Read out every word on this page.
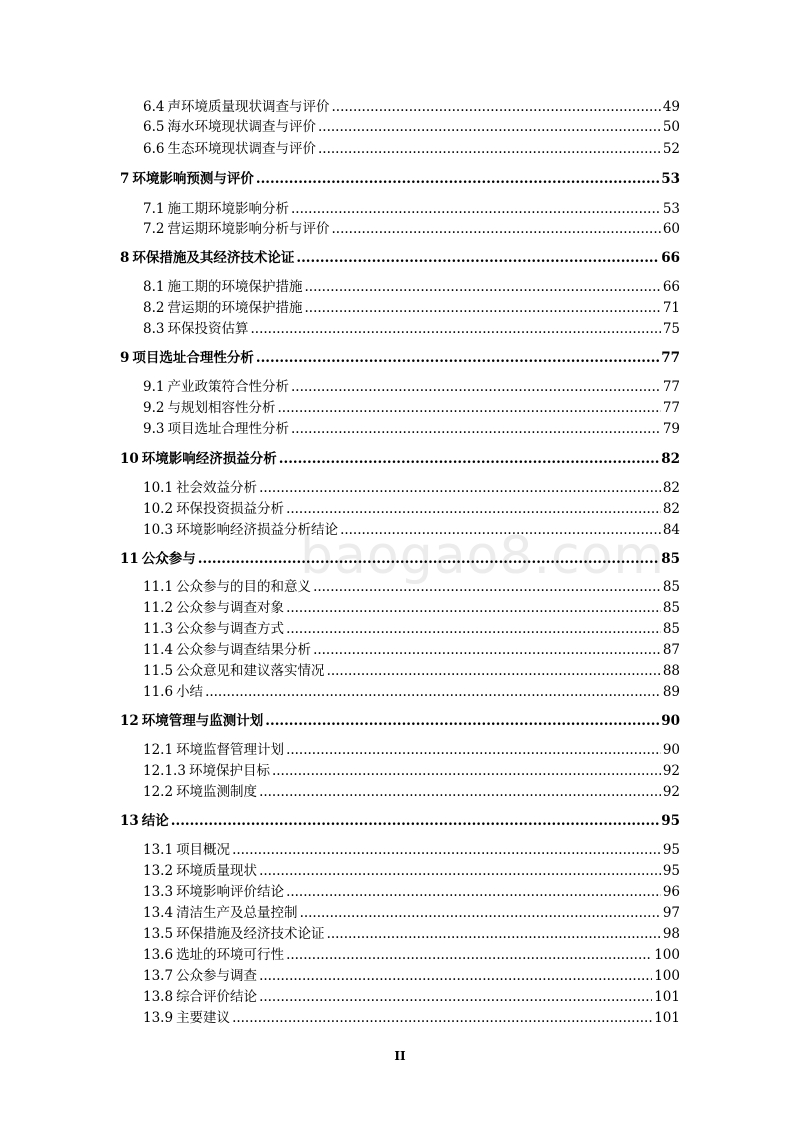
baogao8.com
6.4 声环境质量现状调查与评价 .....	49
6.5 海水环境现状调查与评价 .....	50
6.6 生态环境现状调查与评价 .....	52
7 环境影响预测与评价 .....	53
7.1 施工期环境影响分析 .....	53
7.2 营运期环境影响分析与评价 .....	60
8 环保措施及其经济技术论证 .....	66
8.1 施工期的环境保护措施 .....	66
8.2 营运期的环境保护措施 .....	71
8.3 环保投资估算 .....	75
9 项目选址合理性分析 .....	77
9.1 产业政策符合性分析 .....	77
9.2 与规划相容性分析 .....	77
9.3 项目选址合理性分析 .....	79
10 环境影响经济损益分析 .....	82
10.1 社会效益分析 .....	82
10.2 环保投资损益分析 .....	82
10.3 环境影响经济损益分析结论 .....	84
11 公众参与 .....	85
11.1 公众参与的目的和意义 .....	85
11.2 公众参与调查对象 .....	85
11.3 公众参与调查方式 .....	85
11.4 公众参与调查结果分析 .....	87
11.5 公众意见和建议落实情况 .....	88
11.6 小结 .....	89
12 环境管理与监测计划 .....	90
12.1 环境监督管理计划 .....	90
12.1.3 环境保护目标 .....	92
12.2 环境监测制度 .....	92
13 结论 .....	95
13.1 项目概况 .....	95
13.2 环境质量现状 .....	95
13.3 环境影响评价结论 .....	96
13.4 清洁生产及总量控制 .....	97
13.5 环保措施及经济技术论证 .....	98
13.6 选址的环境可行性 .....	100
13.7 公众参与调查 .....	100
13.8 综合评价结论 .....	101
13.9 主要建议 .....	101
II
